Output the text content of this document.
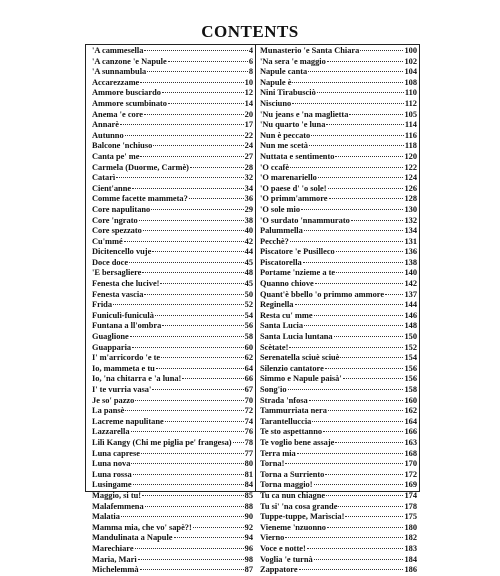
CONTENTS
'A cammesella	4
'A canzone 'e Napule	6
'A sunnambula	8
Accarezzame	10
Ammore busciardo	12
Ammore scumbinato	14
Anema 'e core	20
Annarè	17
Autunno	22
Balcone 'nchiuso	24
Canta pe' me	27
Carmela (Duorme, Carmè)	28
Catarì	32
Cient'anne	34
Comme facette mammeta?	36
Core napulitano	29
Core 'ngrato	38
Core spezzato	40
Cu'mmé	42
Dicitencello vuje	44
Doce doce	45
'E bersagliere	48
Fenesta che lucive!	45
Fenesta vascia	50
Frida	52
Funiculì-funiculà	54
Funtana a ll'ombra	56
Guaglione	58
Guapparia	60
I' m'arricordo 'e te	62
Io, mammeta e tu	64
Io, 'na chitarra e 'a luna!	66
I' te vurria vasa'	67
Je so' pazzo	70
La pansè	72
Lacreme napulitane	74
Lazzarella	76
Lilì Kangy (Chi me piglia pe' frangesa) 78
Luna caprese	77
Luna nova	80
Luna rossa	81
Lusingame	84
Maggio, si tu!	85
Malafemmena	88
Malatia	90
Mamma mia, che vo' sapè?!	92
Mandulinata a Napule	94
Marechiare	96
Maria, Marì	98
Michelemmà	87
Munasterio 'e Santa Chiara	100
'Na sera 'e maggio	102
Napule canta	104
Napule è	108
Nini Tirabusciò	110
Nisciuno	112
'Nu jeans e 'na maglietta	105
'Nu quarto 'e luna	114
Nun è peccato	116
Nun me scetà	118
Nuttata e sentimento	120
'O ccafè	122
'O marenariello	124
'O paese d' 'o sole!	126
'O primm'ammore	128
'O sole mio	130
'O surdato 'nnammurato	132
Palummella	134
Pecchè?	131
Piscatore 'e Pusilleco	136
Piscatorella	138
Portame 'nzieme a te	140
Quanno chiove	142
Quant'è bbello 'o primmo ammore 137
Reginella	144
Resta cu' mme	146
Santa Lucia	148
Santa Lucia luntana	150
Scètate!	152
Serenatella sciuè sciuè	154
Silenzio cantatore	156
Simmo e Napule paisà'	156
Song'io	158
Strada 'nfosa	160
Tammurriata nera	162
Tarantelluccia	164
Te sto aspettanno	166
Te voglio bene assaje	163
Terra mia	168
Torna!	170
Torna a Surriento	172
Torna maggio!	169
Tu ca nun chiagne	174
Tu si' 'na cosa grande	178
Tuppe-tuppe, Marìscia!	175
Vieneme 'nzuonno	180
Vierno	182
Voce e notte!	183
Voglia 'e turnà	184
Zappatore	186
